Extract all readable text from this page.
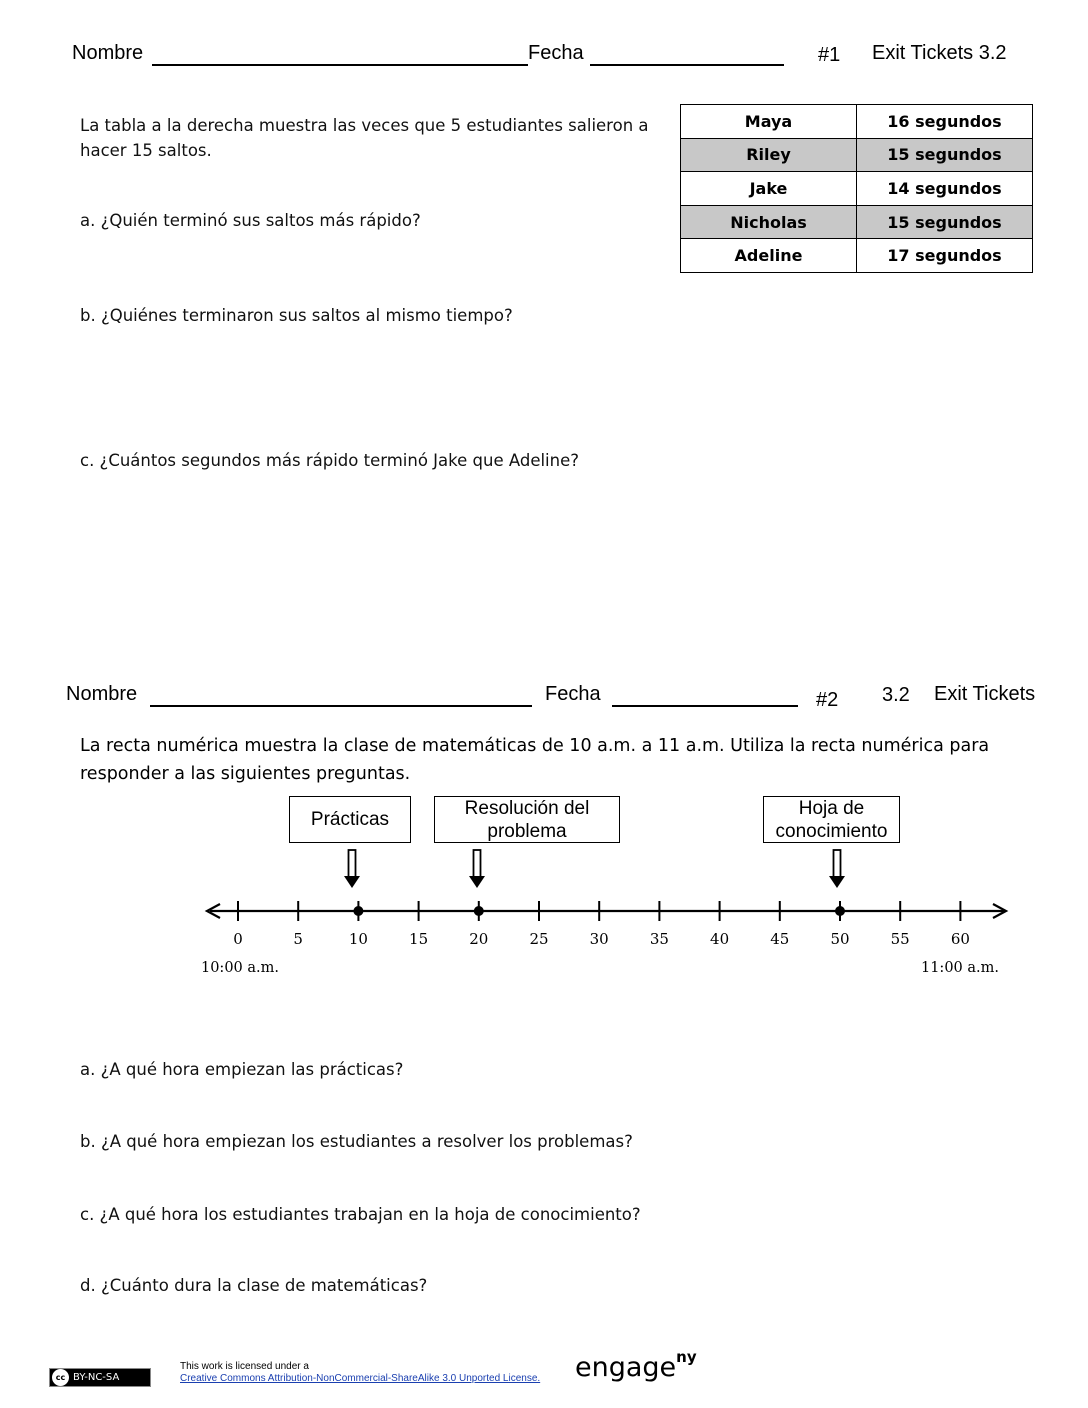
Nombre	Fecha	#1 Exit Tickets 3.2
La tabla a la derecha muestra las veces que 5 estudiantes salieron a
hacer 15 saltos.
Maya	16 segundos
Riley	15 segundos
Jake	14 segundos
Nicholas	15 segundos
Adeline	17 segundos
a. ¿Quién terminó sus saltos más rápido?
b. ¿Quiénes terminaron sus saltos al mismo tiempo?
c. ¿Cuántos segundos más rápido terminó Jake que Adeline?
Nombre	Fecha	#2 3.2 Exit Tickets
La recta numérica muestra la clase de matemáticas de 10 a.m. a 11 a.m. Utiliza la recta numérica para responder a las siguientes preguntas.
Prácticas
Resolución del problema
Hoja de conocimiento
0	5	10	15	20	25	30	35	40	45	50	55	60
10:00 a.m.	11:00 a.m.
a. ¿A qué hora empiezan las prácticas?
b. ¿A qué hora empiezan los estudiantes a resolver los problemas?
c. ¿A qué hora los estudiantes trabajan en la hoja de conocimiento?
d. ¿Cuánto dura la clase de matemáticas?
cc BY-NC-SA
This work is licensed under a
Creative Commons Attribution-NonCommercial-ShareAlike 3.0 Unported License. engage$^{ny}$
